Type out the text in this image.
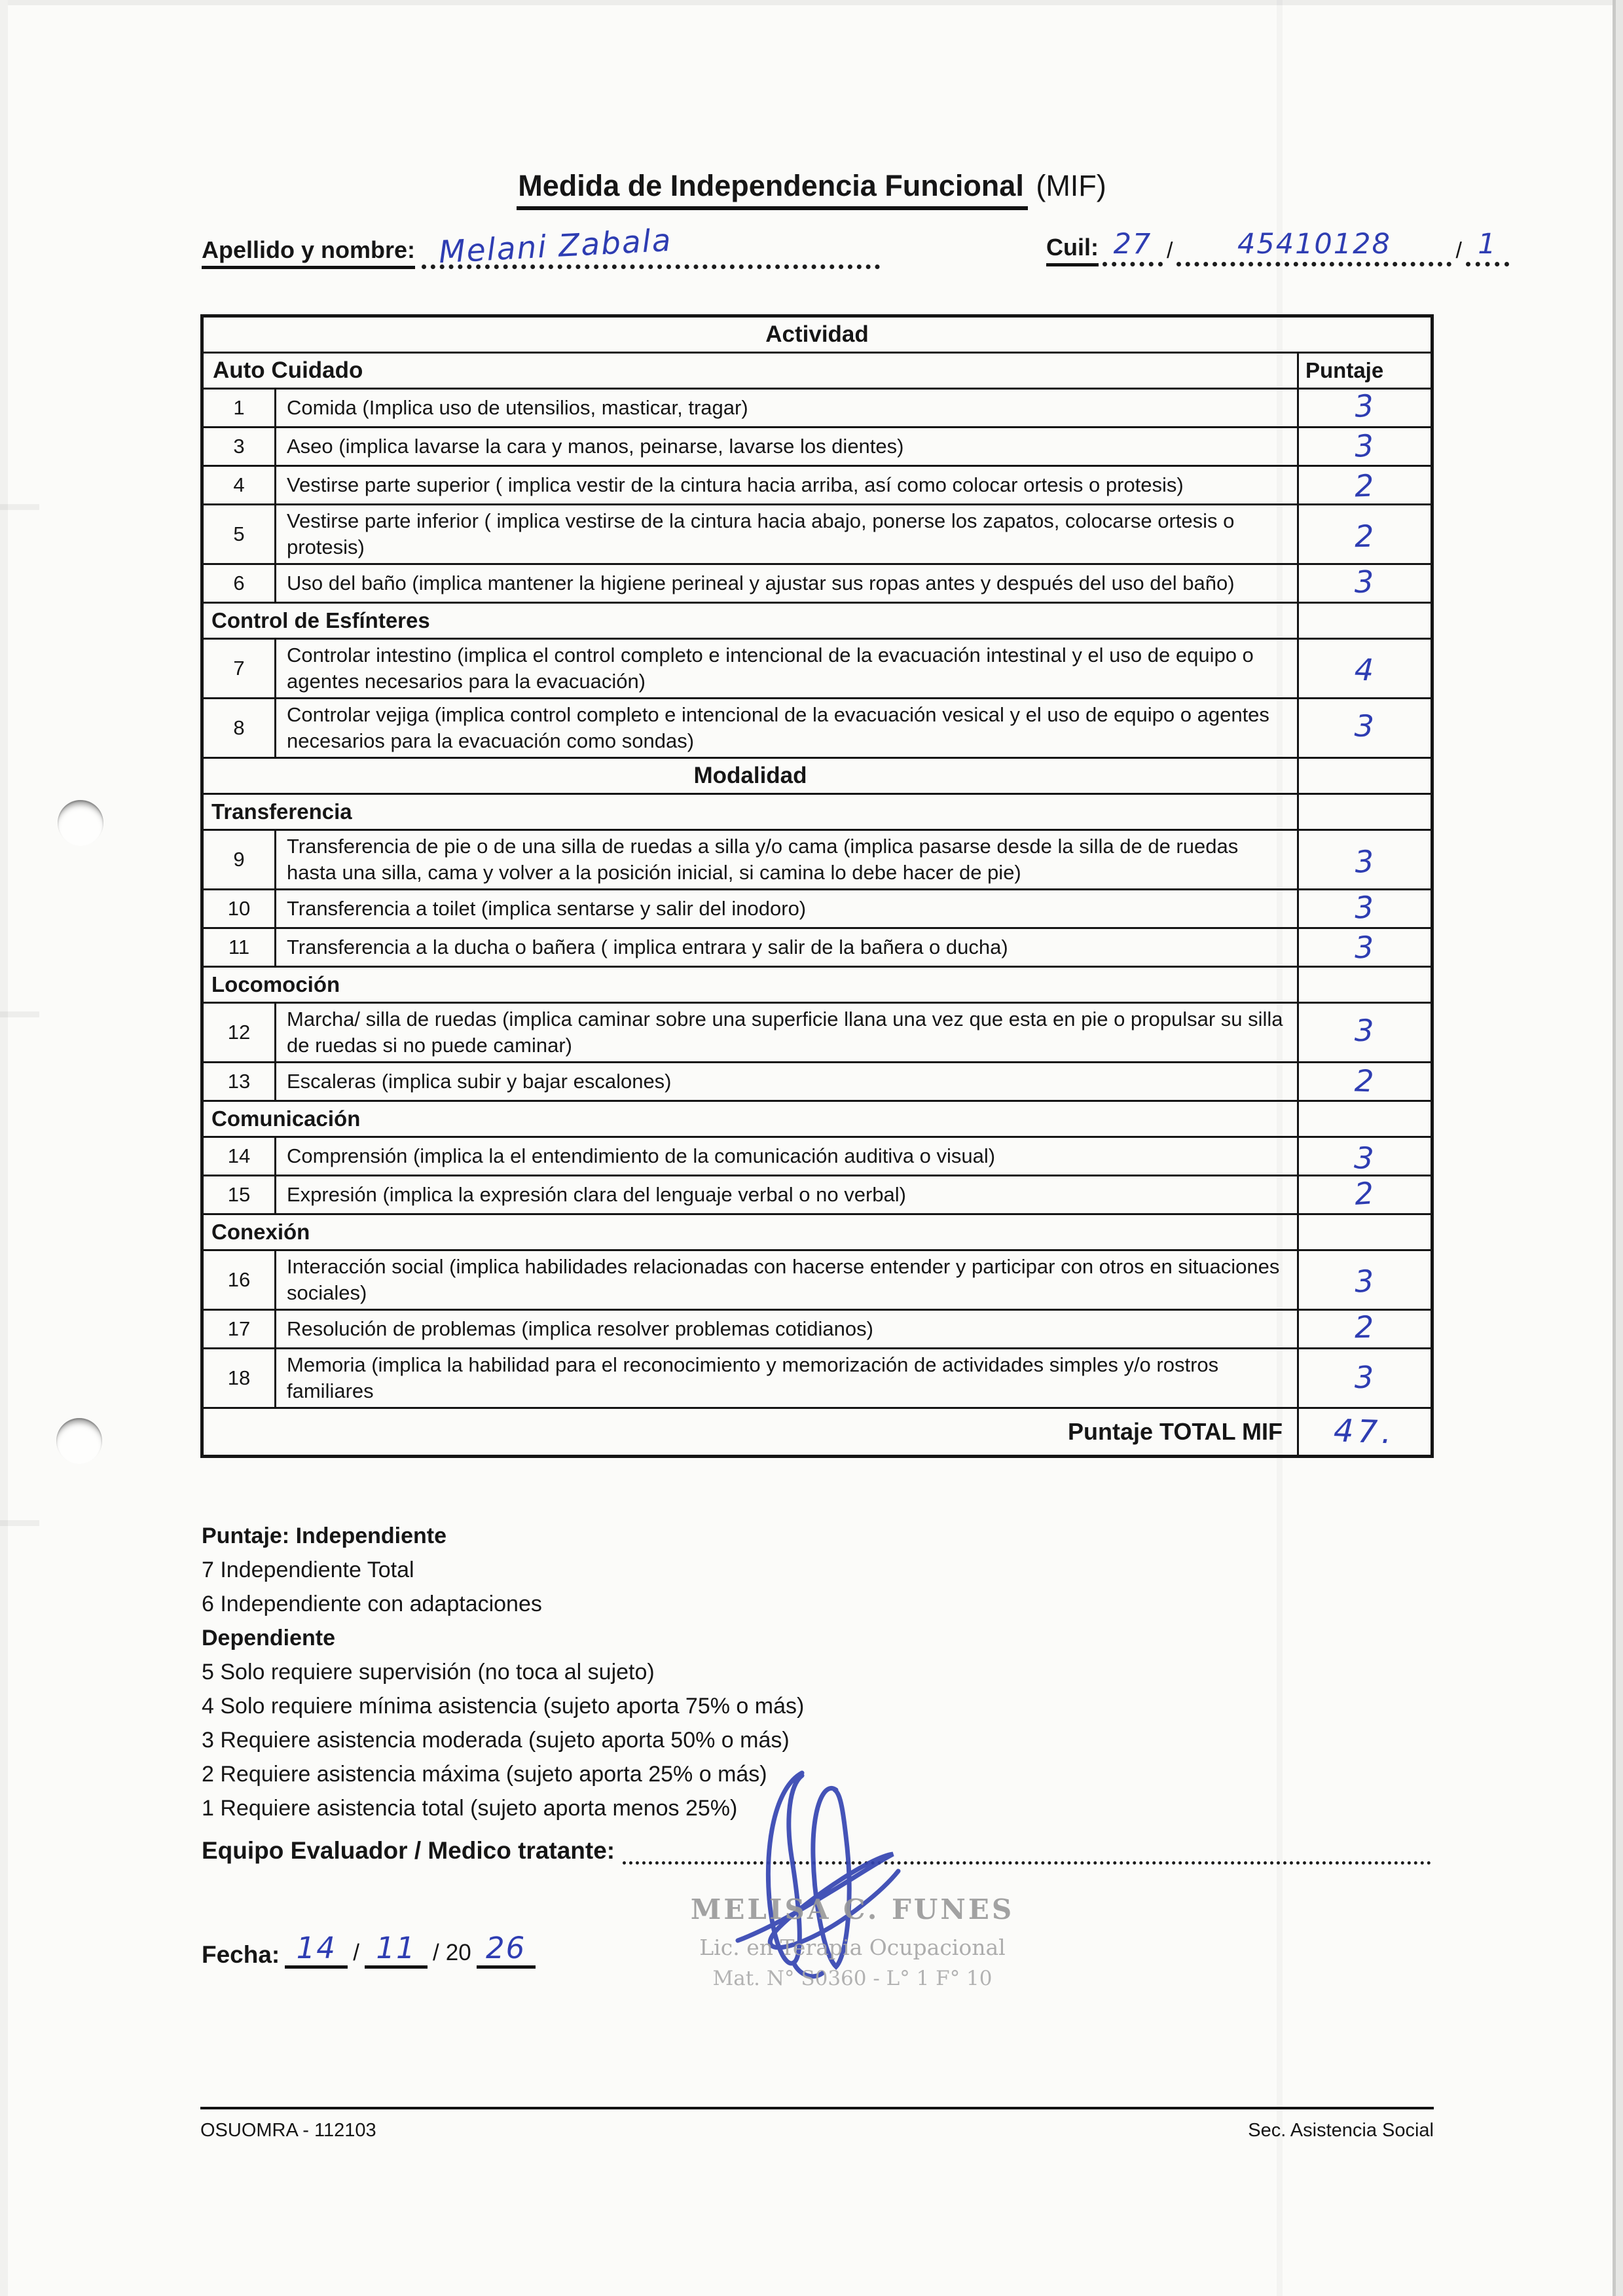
Medida de Independencia Funcional (MIF)
Apellido y nombre: Melani Zabala	Cuil: 27 /	45410128	/ 1
Actividad		
Auto Cuidado		Puntaje
1	Comida (Implica uso de utensilios, masticar, tragar)	3
3	Aseo (implica lavarse la cara y manos, peinarse, lavarse los dientes)	3
4	Vestirse parte superior ( implica vestir de la cintura hacia arriba, así como colocar ortesis o protesis)	2
5	Vestirse parte inferior ( implica vestirse de la cintura hacia abajo, ponerse los zapatos, colocarse ortesis o protesis)	2
6	Uso del baño (implica mantener la higiene perineal y ajustar sus ropas antes y después del uso del baño)	3
Control de Esfínteres		
7	Controlar intestino (implica el control completo e intencional de la evacuación intestinal y el uso de equipo o agentes necesarios para la evacuación)	4
8	Controlar vejiga (implica control completo e intencional de la evacuación vesical y el uso de equipo o agentes necesarios para la evacuación como sondas)	3
Modalidad		
Transferencia		
9	Transferencia de pie o de una silla de ruedas a silla y/o cama (implica pasarse desde la silla de de ruedas hasta una silla, cama y volver a la posición inicial, si camina lo debe hacer de pie)	3
10	Transferencia a toilet (implica sentarse y salir del inodoro)	3
11	Transferencia a la ducha o bañera ( implica entrara y salir de la bañera o ducha)	3
Locomoción		
12	Marcha/ silla de ruedas (implica caminar sobre una superficie llana una vez que esta en pie o propulsar su silla de ruedas si no puede caminar)	3
13	Escaleras (implica subir y bajar escalones)	2
Comunicación		
14	Comprensión (implica la el entendimiento de la comunicación auditiva o visual)	3
15	Expresión (implica la expresión clara del lenguaje verbal o no verbal)	2
Conexión		
16	Interacción social (implica habilidades relacionadas con hacerse entender y participar con otros en situaciones sociales)	3
17	Resolución de problemas (implica resolver problemas cotidianos)	2
18	Memoria (implica la habilidad para el reconocimiento y memorización de actividades simples y/o rostros familiares	3
Puntaje TOTAL MIF		47.
Puntaje: Independiente
7 Independiente Total
6 Independiente con adaptaciones
Dependiente
5 Solo requiere supervisión (no toca al sujeto)
4 Solo requiere mínima asistencia (sujeto aporta 75% o más)
3 Requiere asistencia moderada (sujeto aporta 50% o más)
2 Requiere asistencia máxima (sujeto aporta 25% o más)
1 Requiere asistencia total (sujeto aporta menos 25%)
Equipo Evaluador / Medico tratante:
MELISA C. FUNES
Lic. en Terapia Ocupacional
Mat. N° S0360 - L° 1 F° 10
Fecha: 14 / 11 / 20 26
OSUOMRA - 112103	Sec. Asistencia Social
